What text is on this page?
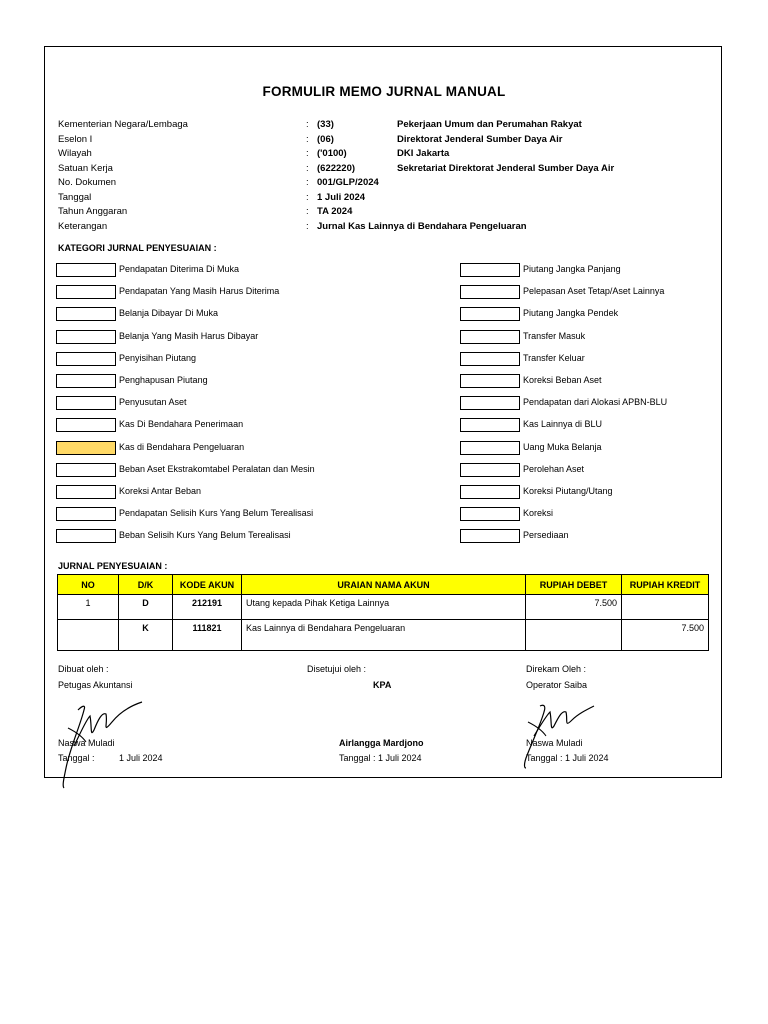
FORMULIR MEMO JURNAL MANUAL
Kementerian Negara/Lembaga	: (33)	Pekerjaan Umum dan Perumahan Rakyat
Eselon I	: (06)	Direktorat Jenderal Sumber Daya Air
Wilayah	: ('0100)	DKI Jakarta
Satuan Kerja	: (622220)	Sekretariat Direktorat Jenderal Sumber Daya Air
No. Dokumen	: 001/GLP/2024
Tanggal	: 1 Juli 2024
Tahun Anggaran	: TA 2024
Keterangan	: Jurnal Kas Lainnya di Bendahara Pengeluaran
KATEGORI JURNAL PENYESUAIAN :
Pendapatan Diterima Di Muka
Pendapatan Yang Masih Harus Diterima
Belanja Dibayar Di Muka
Belanja Yang Masih Harus Dibayar
Penyisihan Piutang
Penghapusan Piutang
Penyusutan Aset
Kas Di Bendahara Penerimaan
Kas di Bendahara Pengeluaran
Beban Aset Ekstrakomtabel Peralatan dan Mesin
Koreksi Antar Beban
Pendapatan Selisih Kurs Yang Belum Terealisasi
Beban Selisih Kurs Yang Belum Terealisasi
Piutang Jangka Panjang
Pelepasan Aset Tetap/Aset Lainnya
Piutang Jangka Pendek
Transfer Masuk
Transfer Keluar
Koreksi Beban Aset
Pendapatan dari Alokasi APBN-BLU
Kas Lainnya di BLU
Uang Muka Belanja
Perolehan Aset
Koreksi Piutang/Utang
Koreksi
Persediaan
JURNAL PENYESUAIAN :
NO	D/K	KODE AKUN	URAIAN NAMA AKUN	RUPIAH DEBET	RUPIAH KREDIT
1	D	212191	Utang kepada Pihak Ketiga Lainnya	7.500	
	K	111821	Kas Lainnya di Bendahara Pengeluaran		7.500
Dibuat oleh :
Petugas Akuntansi
Naswa Muladi
Tanggal :	1 Juli 2024
Disetujui oleh :
KPA
Airlangga Mardjono
Tanggal : 1 Juli 2024
Direkam Oleh :
Operator Saiba
Naswa Muladi
Tanggal : 1 Juli 2024
